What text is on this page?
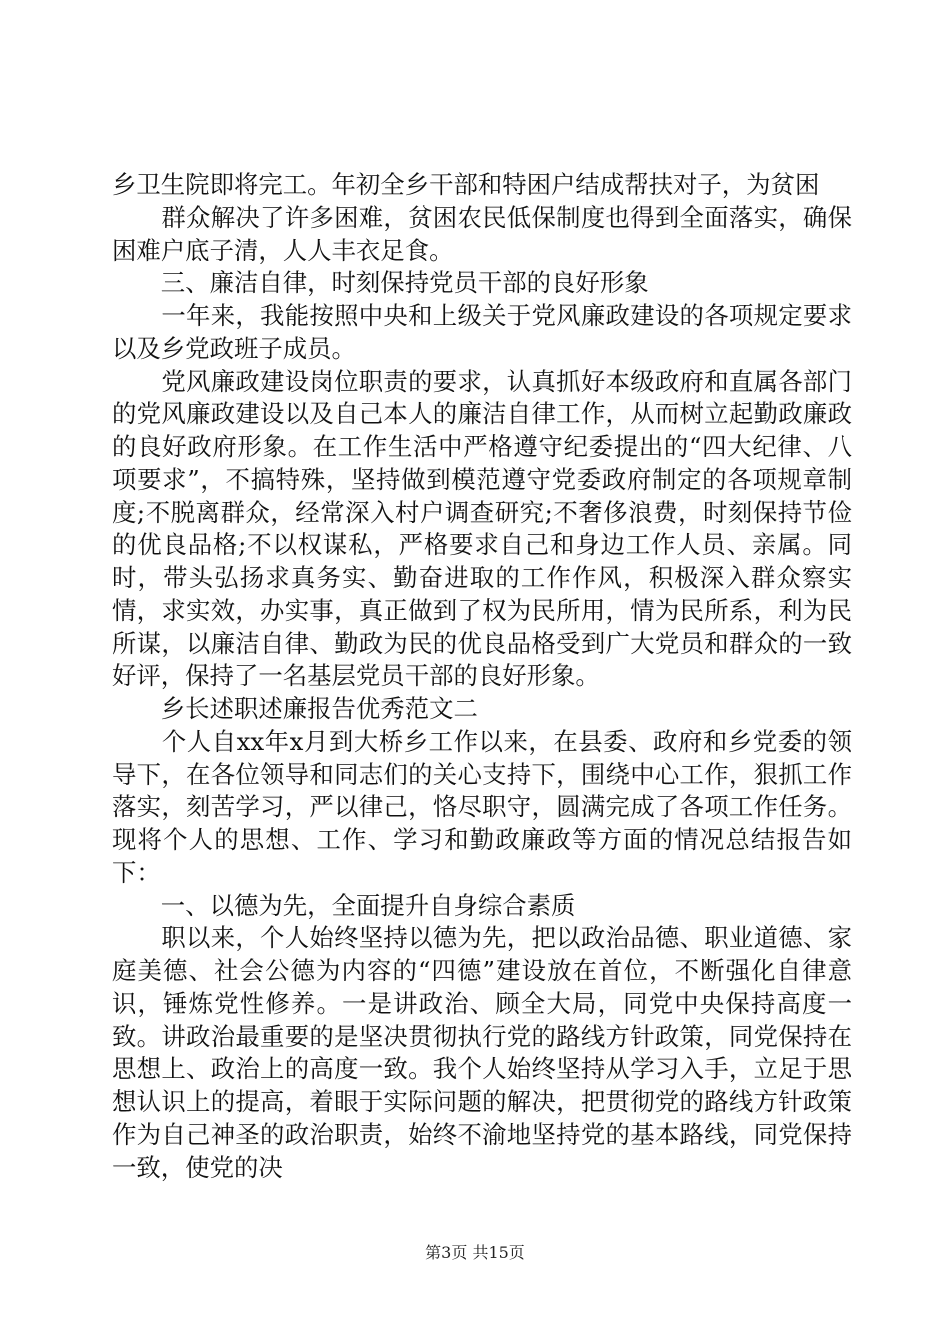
乡卫生院即将完工。年初全乡干部和特困户结成帮扶对子，为贫困

　　群众解决了许多困难，贫困农民低保制度也得到全面落实，确保困难户底子清，人人丰衣足食。

　　三、廉洁自律，时刻保持党员干部的良好形象

　　一年来，我能按照中央和上级关于党风廉政建设的各项规定要求以及乡党政班子成员。

　　党风廉政建设岗位职责的要求，认真抓好本级政府和直属各部门的党风廉政建设以及自己本人的廉洁自律工作，从而树立起勤政廉政的良好政府形象。在工作生活中严格遵守纪委提出的“四大纪律、八项要求”，不搞特殊，坚持做到模范遵守党委政府制定的各项规章制度;不脱离群众，经常深入村户调查研究;不奢侈浪费，时刻保持节俭的优良品格;不以权谋私，严格要求自己和身边工作人员、亲属。同时，带头弘扬求真务实、勤奋进取的工作作风，积极深入群众察实情，求实效，办实事，真正做到了权为民所用，情为民所系，利为民所谋，以廉洁自律、勤政为民的优良品格受到广大党员和群众的一致好评，保持了一名基层党员干部的良好形象。

　　乡长述职述廉报告优秀范文二

　　个人自xx年x月到大桥乡工作以来，在县委、政府和乡党委的领导下，在各位领导和同志们的关心支持下，围绕中心工作，狠抓工作落实，刻苦学习，严以律己，恪尽职守，圆满完成了各项工作任务。现将个人的思想、工作、学习和勤政廉政等方面的情况总结报告如下：

　　一、以德为先，全面提升自身综合素质

　　职以来，个人始终坚持以德为先，把以政治品德、职业道德、家庭美德、社会公德为内容的“四德”建设放在首位，不断强化自律意识，锤炼党性修养。一是讲政治、顾全大局，同党中央保持高度一致。讲政治最重要的是坚决贯彻执行党的路线方针政策，同党保持在思想上、政治上的高度一致。我个人始终坚持从学习入手，立足于思想认识上的提高，着眼于实际问题的解决，把贯彻党的路线方针政策作为自己神圣的政治职责，始终不渝地坚持党的基本路线，同党保持一致，使党的决

第3页 共15页
